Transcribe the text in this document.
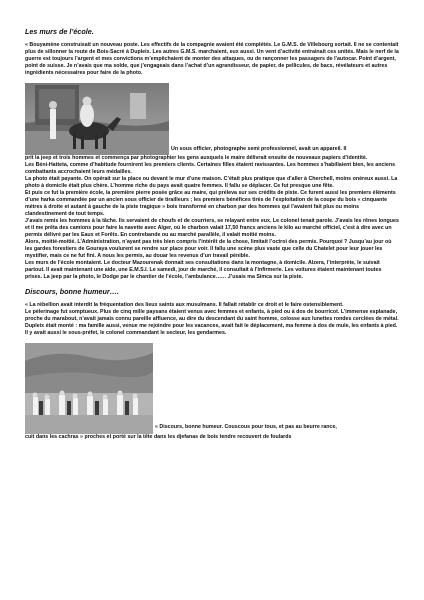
Les murs de l’école.

« Bouyamène construisait un nouveau poste. Les effectifs de la compagnie avaient été complétés. Le G.M.S. de Villebourg sortait. Il ne se contentait plus de sillonner la route de Bois-Sacré à Dupleix. Les autres G.M.S. marchaient, eux aussi. Un vent d’activité entrainait ces unités. Mais le nerf de la guerre est toujours l’argent et mes convictions m’empêchaient de monter des attaques, ou de rançonner les passagers de l’autocar. Point d’argent, point de suisse. Je n’avais que ma solde, que j’engageais dans l’achat d’un agrandisseur, de papier, de pellicules, de bacs, révélateurs et autres ingrédients nécessaires pour faire de la photo.

Un sous officier, photographe semi professionnel, avait un appareil. Il

prit la jeep et trois hommes et commença par photographier les gens auxquels le maire délivrait ensuite de nouveaux papiers d’identité.

Les Béni-Hatteta, comme d’habitude fournirent les premiers clients. Certaines filles étaient ravissantes. Les hommes s’habillaient bien, les anciens combattants accrochaient leurs médailles.

La photo était payante. On opérait sur la place ou devant le mur d’une maison. C’était plus pratique que d’aller à Cherchell, moins onéreux aussi. La photo à domicile était plus chère. L’homme riche du pays avait quatre femmes. Il fallu se déplacer. Ce fut presque une fête.

Et puis ce fut la première école, la première pierre posée grâce au maire, qui préleva sur ses crédits de piste. Ce furent aussi les premiers éléments d’une harka commandée par un ancien sous officier de tirailleurs ; les premiers bénéfices tirés de l’exploitation de la coupe du bois « cinquante mètres à droite et autant à gauche de la piste tragique » bois transformé en charbon par des hommes qui l’avaient fait plus ou moins clandestinement de tout temps.

J’avais remis les hommes à la tâche. Ils servaient de choufs et de courriers, se relayant entre eux. Le colonel tenait parole. J’avais les rênes longues et il me prêta des camions pour faire la navette avec Alger, où le charbon valait 17,50 francs anciens le kilo au marché officiel, c’est à dire avec un permis délivré par les Eaux et Forêts. En contrebande ou au marché parallèle, il valait moitié moins.

Alors, moitié-moitié. L’Administration, n’ayant pas très bien compris l’intérêt de la chose, limitait l’octroi des permis. Pourquoi ? Jusqu’au jour où les gardes forestiers de Gouraya voulurent se rendre sur place pour voir. Il fallu une scène plus vaste que celle du Chatelet pour leur jouer les mystifier, mais ce ne fut fini. A nous les permis, au douar les revenus d’un travail pénible.

Les murs de l’école montaient. Le docteur Mazourenak donnait ses consultations dans la montagne, à domicile. Alzera, l’interprète, le suivait partout. Il avait maintenant une aide, une E.M.S.I. Le samedi, jour de marché, il consultait à l’infirmerie. Les voitures étaient maintenant toutes prises. La jeep par la photo, le Dodge par le chantier de l’école, l’ambulance…… J’usais ma Simca sur la piste.

Discours, bonne humeur….

« La rébellion avait interdit la fréquentation des lieux saints aux musulmans. Il fallait rétablir ce droit et le faire ostensiblement.

Le pèlerinage fut somptueux. Plus de cinq mille paysans étaient venus avec femmes et enfants, à pied ou à dos de bourricot. L’immense esplanade, proche du marabout, n’avait jamais connu pareille affluence, au dire du descendant du saint homme, colosse aux lunettes rondes cerclées de métal. Dupleix était monté : ma famille aussi, venue me rejoindre pour les vacances, avait fait le déplacement, ma femme à dos de mule, les enfants à pied. Il y avait aussi le sous-préfet, le colonel commandant le secteur, les gendarmes.

« Discours, bonne humeur. Couscous pour tous, et pas au beurre rance,

cuit dans les cachras » proches et porté sur la tête dans les djefanas de bois tendre recouvert de foulards
